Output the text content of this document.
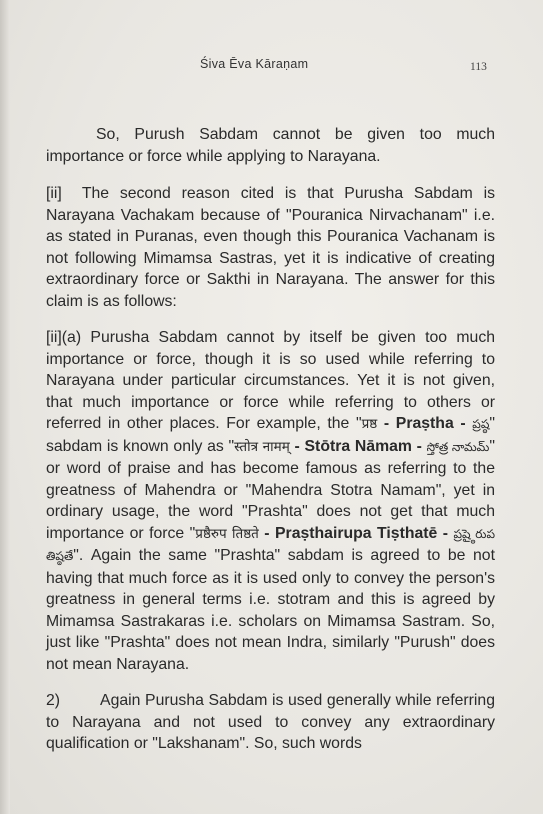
Śiva Ēva Kāraṇam	113

So, Purush Sabdam cannot be given too much importance or force while applying to Narayana.

[ii] The second reason cited is that Purusha Sabdam is Narayana Vachakam because of "Pouranica Nirvachanam" i.e. as stated in Puranas, even though this Pouranica Vachanam is not following Mimamsa Sastras, yet it is indicative of creating extraordinary force or Sakthi in Narayana. The answer for this claim is as follows:

[ii](a) Purusha Sabdam cannot by itself be given too much importance or force, though it is so used while referring to Narayana under particular circumstances. Yet it is not given, that much importance or force while referring to others or referred in other places. For example, the "प्रष्ठ - Praṣtha - ప్రష్ఠ" sabdam is known only as "स्तोत्र नामम् - Stōtra Nāmam - స్తోత్ర నామమ్" or word of praise and has become famous as referring to the greatness of Mahendra or "Mahendra Stotra Namam", yet in ordinary usage, the word "Prashta" does not get that much importance or force "प्रष्ठैरुप तिष्ठते - Praṣthairupa Tiṣthatē - ప్రష్ఠైరుప తిష్ఠతే". Again the same "Prashta" sabdam is agreed to be not having that much force as it is used only to convey the person's greatness in general terms i.e. stotram and this is agreed by Mimamsa Sastrakaras i.e. scholars on Mimamsa Sastram. So, just like "Prashta" does not mean Indra, similarly "Purush" does not mean Narayana.

2)	Again Purusha Sabdam is used generally while referring to Narayana and not used to convey any extraordinary qualification or "Lakshanam". So, such words
